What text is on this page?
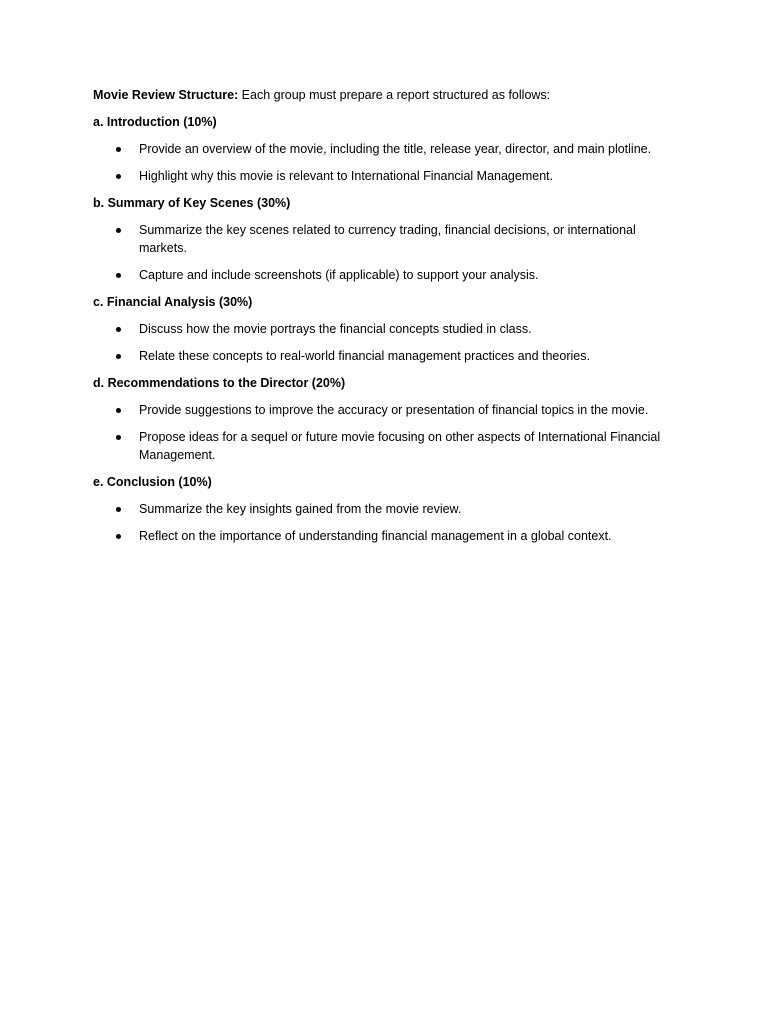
Movie Review Structure: Each group must prepare a report structured as follows:

a. Introduction (10%)
Provide an overview of the movie, including the title, release year, director, and main plotline.
Highlight why this movie is relevant to International Financial Management.
b. Summary of Key Scenes (30%)
Summarize the key scenes related to currency trading, financial decisions, or international markets.
Capture and include screenshots (if applicable) to support your analysis.
c. Financial Analysis (30%)
Discuss how the movie portrays the financial concepts studied in class.
Relate these concepts to real-world financial management practices and theories.
d. Recommendations to the Director (20%)
Provide suggestions to improve the accuracy or presentation of financial topics in the movie.
Propose ideas for a sequel or future movie focusing on other aspects of International Financial Management.
e. Conclusion (10%)
Summarize the key insights gained from the movie review.
Reflect on the importance of understanding financial management in a global context.
